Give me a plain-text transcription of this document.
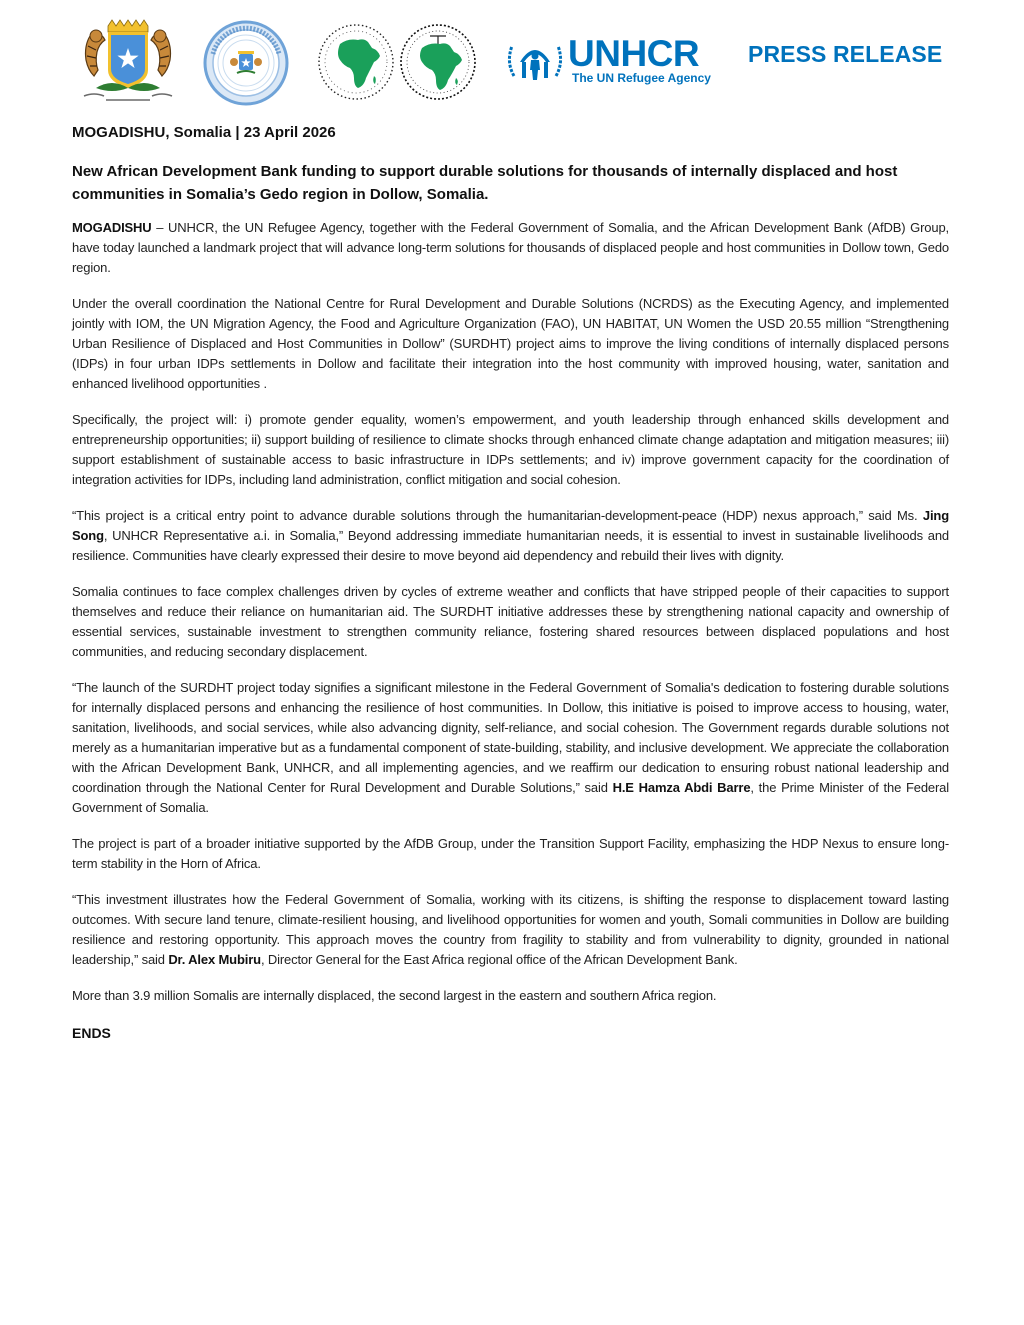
UNHCR
The UN Refugee Agency
PRESS RELEASE
MOGADISHU, Somalia | 23 April 2026
New African Development Bank funding to support durable solutions for thousands of internally displaced and host communities in Somalia’s Gedo region in Dollow, Somalia.

MOGADISHU – UNHCR, the UN Refugee Agency, together with the Federal Government of Somalia, and the African Development Bank (AfDB) Group, have today launched a landmark project that will advance long-term solutions for thousands of displaced people and host communities in Dollow town, Gedo region.

Under the overall coordination the National Centre for Rural Development and Durable Solutions (NCRDS) as the Executing Agency, and implemented jointly with IOM, the UN Migration Agency, the Food and Agriculture Organization (FAO), UN HABITAT, UN Women the USD 20.55 million “Strengthening Urban Resilience of Displaced and Host Communities in Dollow” (SURDHT) project aims to improve the living conditions of internally displaced persons (IDPs) in four urban IDPs settlements in Dollow and facilitate their integration into the host community with improved housing, water, sanitation and enhanced livelihood opportunities .

Specifically, the project will: i) promote gender equality, women’s empowerment, and youth leadership through enhanced skills development and entrepreneurship opportunities; ii) support building of resilience to climate shocks through enhanced climate change adaptation and mitigation measures; iii) support establishment of sustainable access to basic infrastructure in IDPs settlements; and iv) improve government capacity for the coordination of integration activities for IDPs, including land administration, conflict mitigation and social cohesion.

“This project is a critical entry point to advance durable solutions through the humanitarian-development-peace (HDP) nexus approach,” said Ms. Jing Song, UNHCR Representative a.i. in Somalia,” Beyond addressing immediate humanitarian needs, it is essential to invest in sustainable livelihoods and resilience. Communities have clearly expressed their desire to move beyond aid dependency and rebuild their lives with dignity.

Somalia continues to face complex challenges driven by cycles of extreme weather and conflicts that have stripped people of their capacities to support themselves and reduce their reliance on humanitarian aid. The SURDHT initiative addresses these by strengthening national capacity and ownership of essential services, sustainable investment to strengthen community reliance, fostering shared resources between displaced populations and host communities, and reducing secondary displacement.

“The launch of the SURDHT project today signifies a significant milestone in the Federal Government of Somalia's dedication to fostering durable solutions for internally displaced persons and enhancing the resilience of host communities. In Dollow, this initiative is poised to improve access to housing, water, sanitation, livelihoods, and social services, while also advancing dignity, self-reliance, and social cohesion. The Government regards durable solutions not merely as a humanitarian imperative but as a fundamental component of state-building, stability, and inclusive development. We appreciate the collaboration with the African Development Bank, UNHCR, and all implementing agencies, and we reaffirm our dedication to ensuring robust national leadership and coordination through the National Center for Rural Development and Durable Solutions,” said H.E Hamza Abdi Barre, the Prime Minister of the Federal Government of Somalia.

The project is part of a broader initiative supported by the AfDB Group, under the Transition Support Facility, emphasizing the HDP Nexus to ensure long-term stability in the Horn of Africa.

“This investment illustrates how the Federal Government of Somalia, working with its citizens, is shifting the response to displacement toward lasting outcomes. With secure land tenure, climate-resilient housing, and livelihood opportunities for women and youth, Somali communities in Dollow are building resilience and restoring opportunity. This approach moves the country from fragility to stability and from vulnerability to dignity, grounded in national leadership,” said Dr. Alex Mubiru, Director General for the East Africa regional office of the African Development Bank.

More than 3.9 million Somalis are internally displaced, the second largest in the eastern and southern Africa region.

ENDS
